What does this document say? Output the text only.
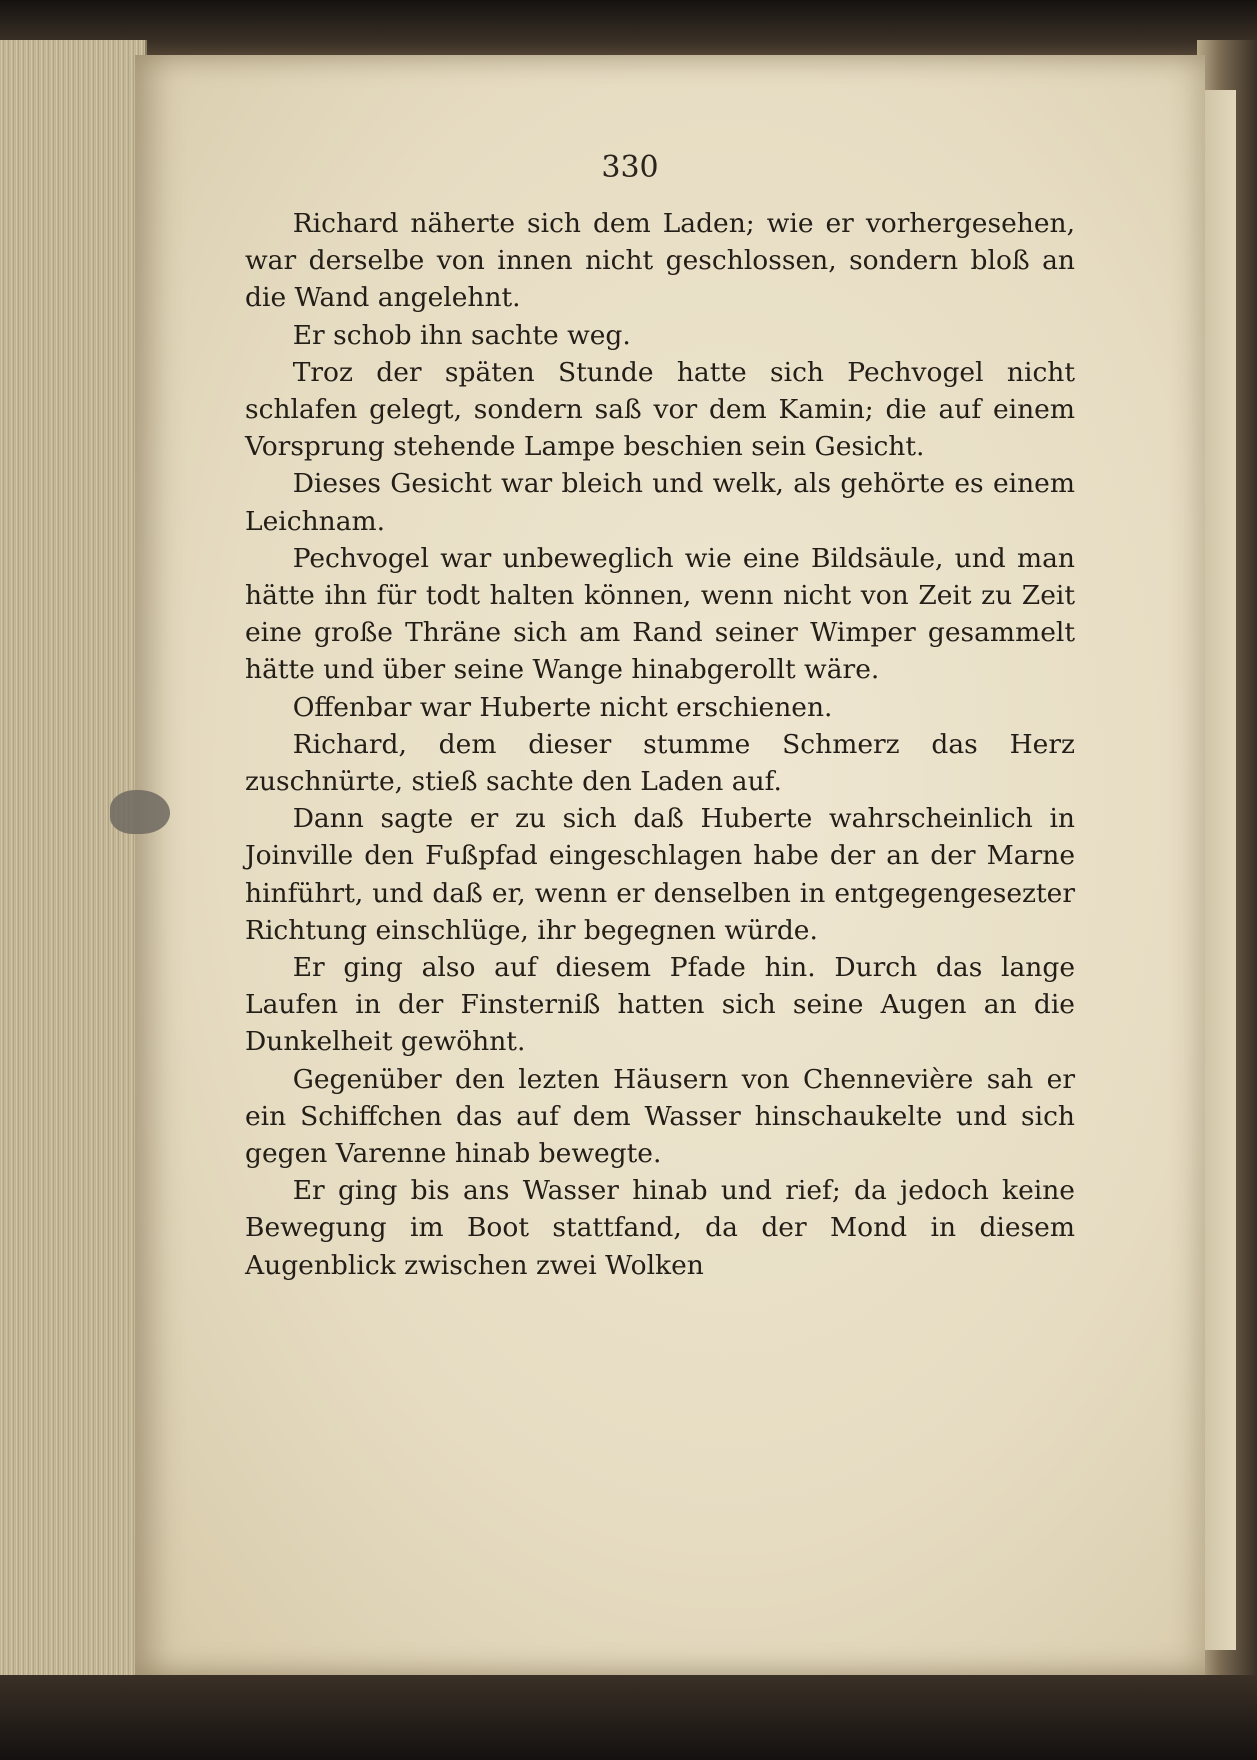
330

Richard näherte sich dem Laden; wie er vorhergesehen, war derselbe von innen nicht geschlossen, sondern bloß an die Wand angelehnt.

Er schob ihn sachte weg.

Troz der späten Stunde hatte sich Pechvogel nicht schlafen gelegt, sondern saß vor dem Kamin; die auf einem Vorsprung stehende Lampe beschien sein Gesicht.

Dieses Gesicht war bleich und welk, als gehörte es einem Leichnam.

Pechvogel war unbeweglich wie eine Bildsäule, und man hätte ihn für todt halten können, wenn nicht von Zeit zu Zeit eine große Thräne sich am Rand seiner Wimper gesammelt hätte und über seine Wange hinabgerollt wäre.

Offenbar war Huberte nicht erschienen.

Richard, dem dieser stumme Schmerz das Herz zuschnürte, stieß sachte den Laden auf.

Dann sagte er zu sich daß Huberte wahrscheinlich in Joinville den Fußpfad eingeschlagen habe der an der Marne hinführt, und daß er, wenn er denselben in entgegengesezter Richtung einschlüge, ihr begegnen würde.

Er ging also auf diesem Pfade hin. Durch das lange Laufen in der Finsterniß hatten sich seine Augen an die Dunkelheit gewöhnt.

Gegenüber den lezten Häusern von Chennevière sah er ein Schiffchen das auf dem Wasser hinschaukelte und sich gegen Varenne hinab bewegte.

Er ging bis ans Wasser hinab und rief; da jedoch keine Bewegung im Boot stattfand, da der Mond in diesem Augenblick zwischen zwei Wolken
